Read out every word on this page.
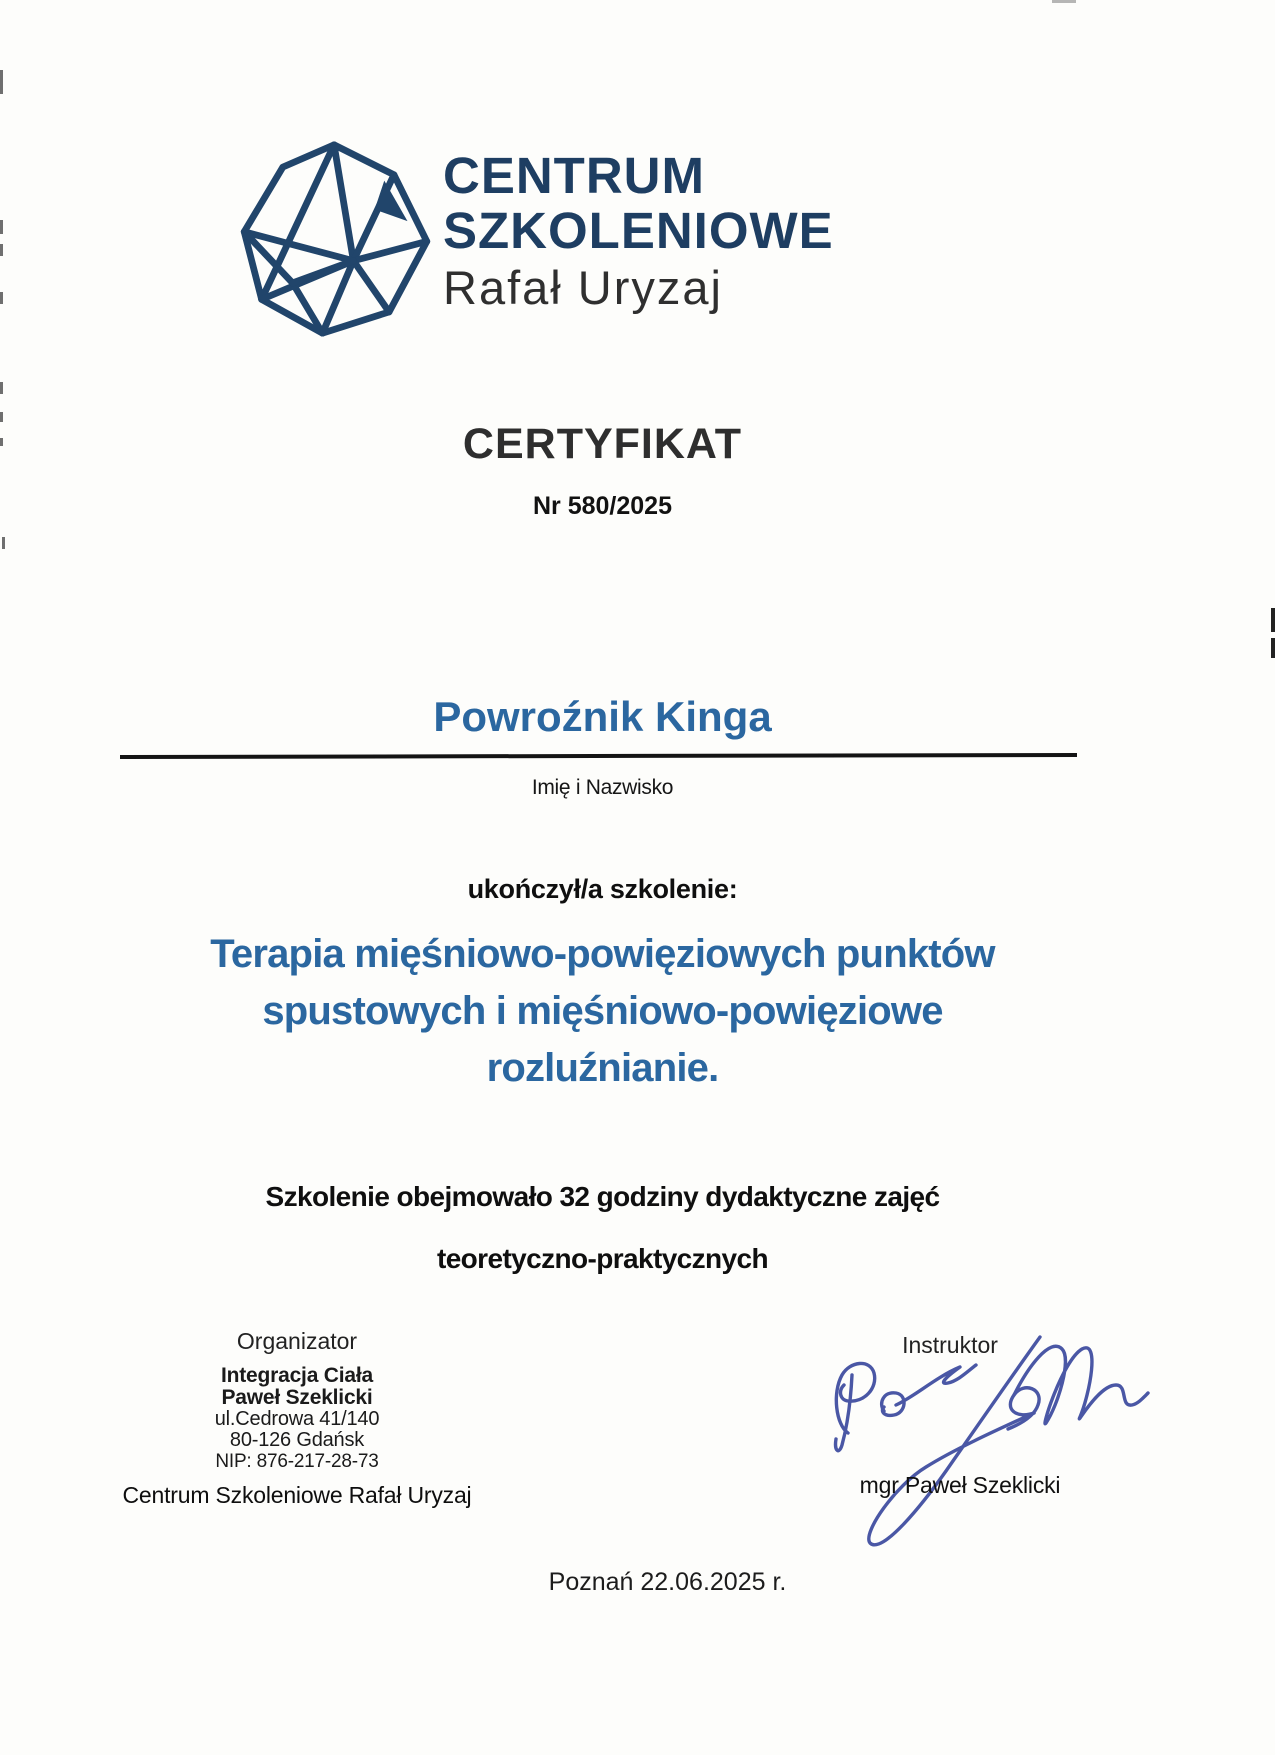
CENTRUM
SZKOLENIOWE
Rafał Uryzaj
CERTYFIKAT
Nr 580/2025
Powroźnik Kinga
Imię i Nazwisko
ukończył/a szkolenie:
Terapia mięśniowo-powięziowych punktów
spustowych i mięśniowo-powięziowe
rozluźnianie.
Szkolenie obejmowało 32 godziny dydaktyczne zajęć
teoretyczno-praktycznych
Organizator
Integracja Ciała
Paweł Szeklicki
ul.Cedrowa 41/140
80-126 Gdańsk
NIP: 876-217-28-73
Centrum Szkoleniowe Rafał Uryzaj
Instruktor
mgr Paweł Szeklicki
Poznań 22.06.2025 r.
